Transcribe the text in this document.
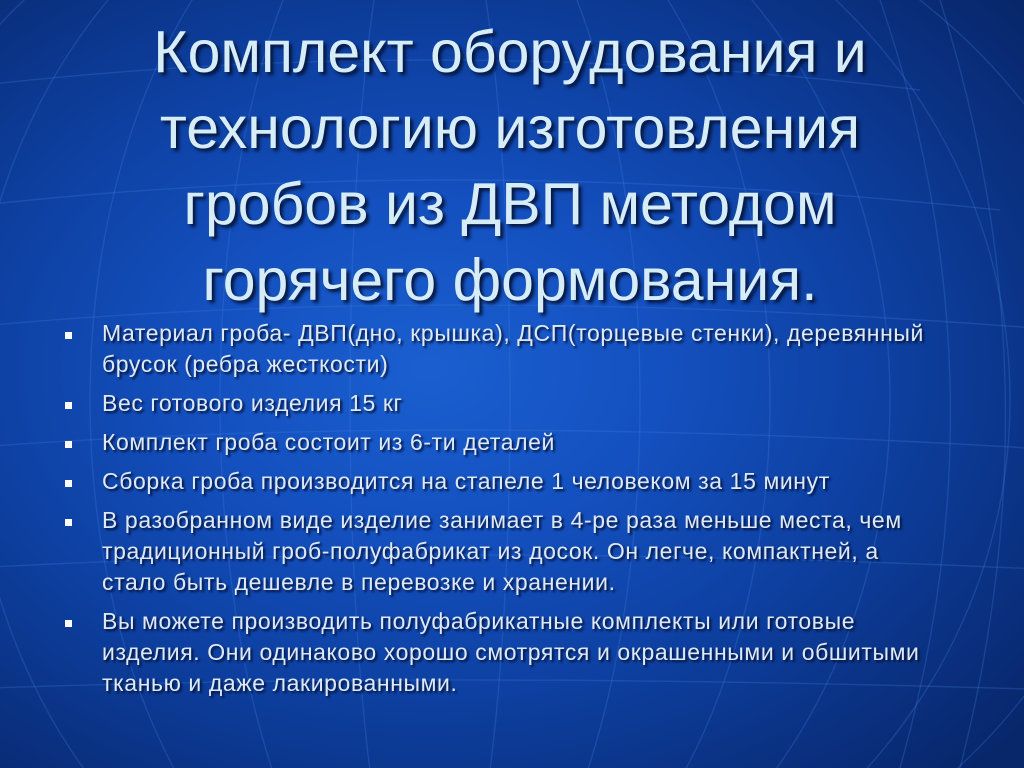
Комплект оборудования и
технологию изготовления
гробов из ДВП методом
горячего формования.
Материал гроба- ДВП(дно, крышка), ДСП(торцевые стенки), деревянный брусок (ребра жесткости)
Вес готового изделия 15 кг
Комплект гроба состоит из 6-ти деталей
Сборка гроба производится на стапеле 1 человеком за 15 минут
В разобранном виде изделие занимает в 4-ре раза меньше места, чем традиционный гроб-полуфабрикат из досок. Он легче, компактней, а стало быть дешевле в перевозке и хранении.
Вы можете производить полуфабрикатные комплекты или готовые изделия. Они одинаково хорошо смотрятся и окрашенными и обшитыми тканью и даже лакированными.
